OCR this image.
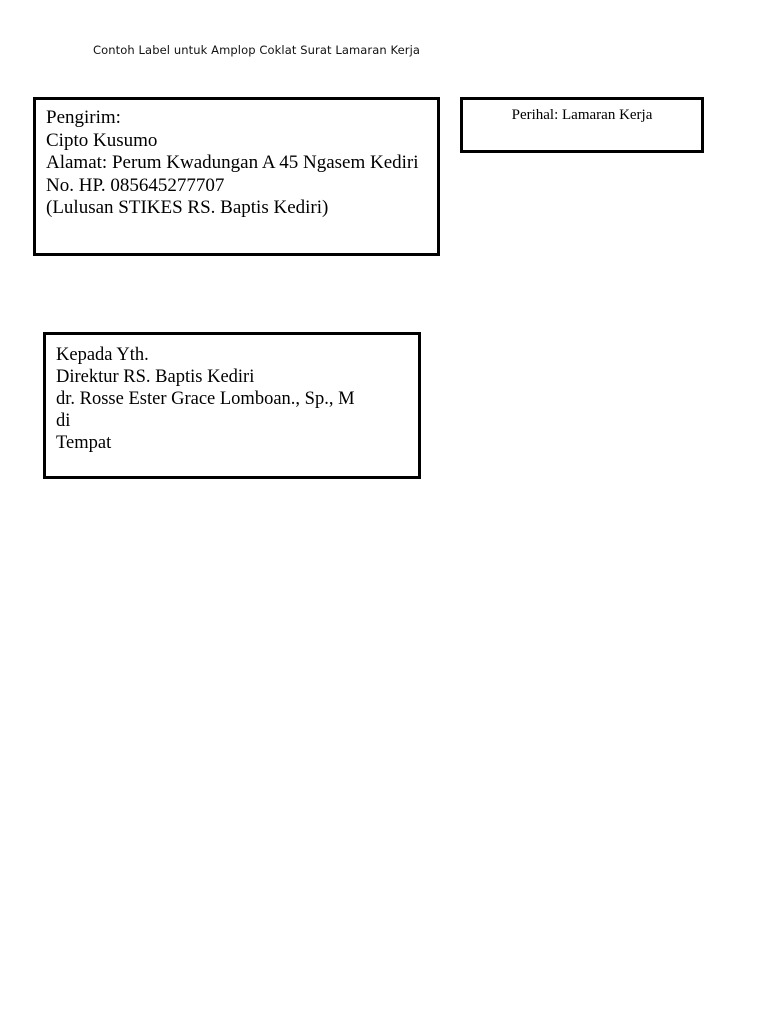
Contoh Label untuk Amplop Coklat Surat Lamaran Kerja
Pengirim:
Cipto Kusumo
Alamat: Perum Kwadungan A 45 Ngasem Kediri
No. HP. 085645277707
(Lulusan STIKES RS. Baptis Kediri)
Perihal: Lamaran Kerja
Kepada Yth.
Direktur RS. Baptis Kediri
dr. Rosse Ester Grace Lomboan., Sp., M
di
Tempat
